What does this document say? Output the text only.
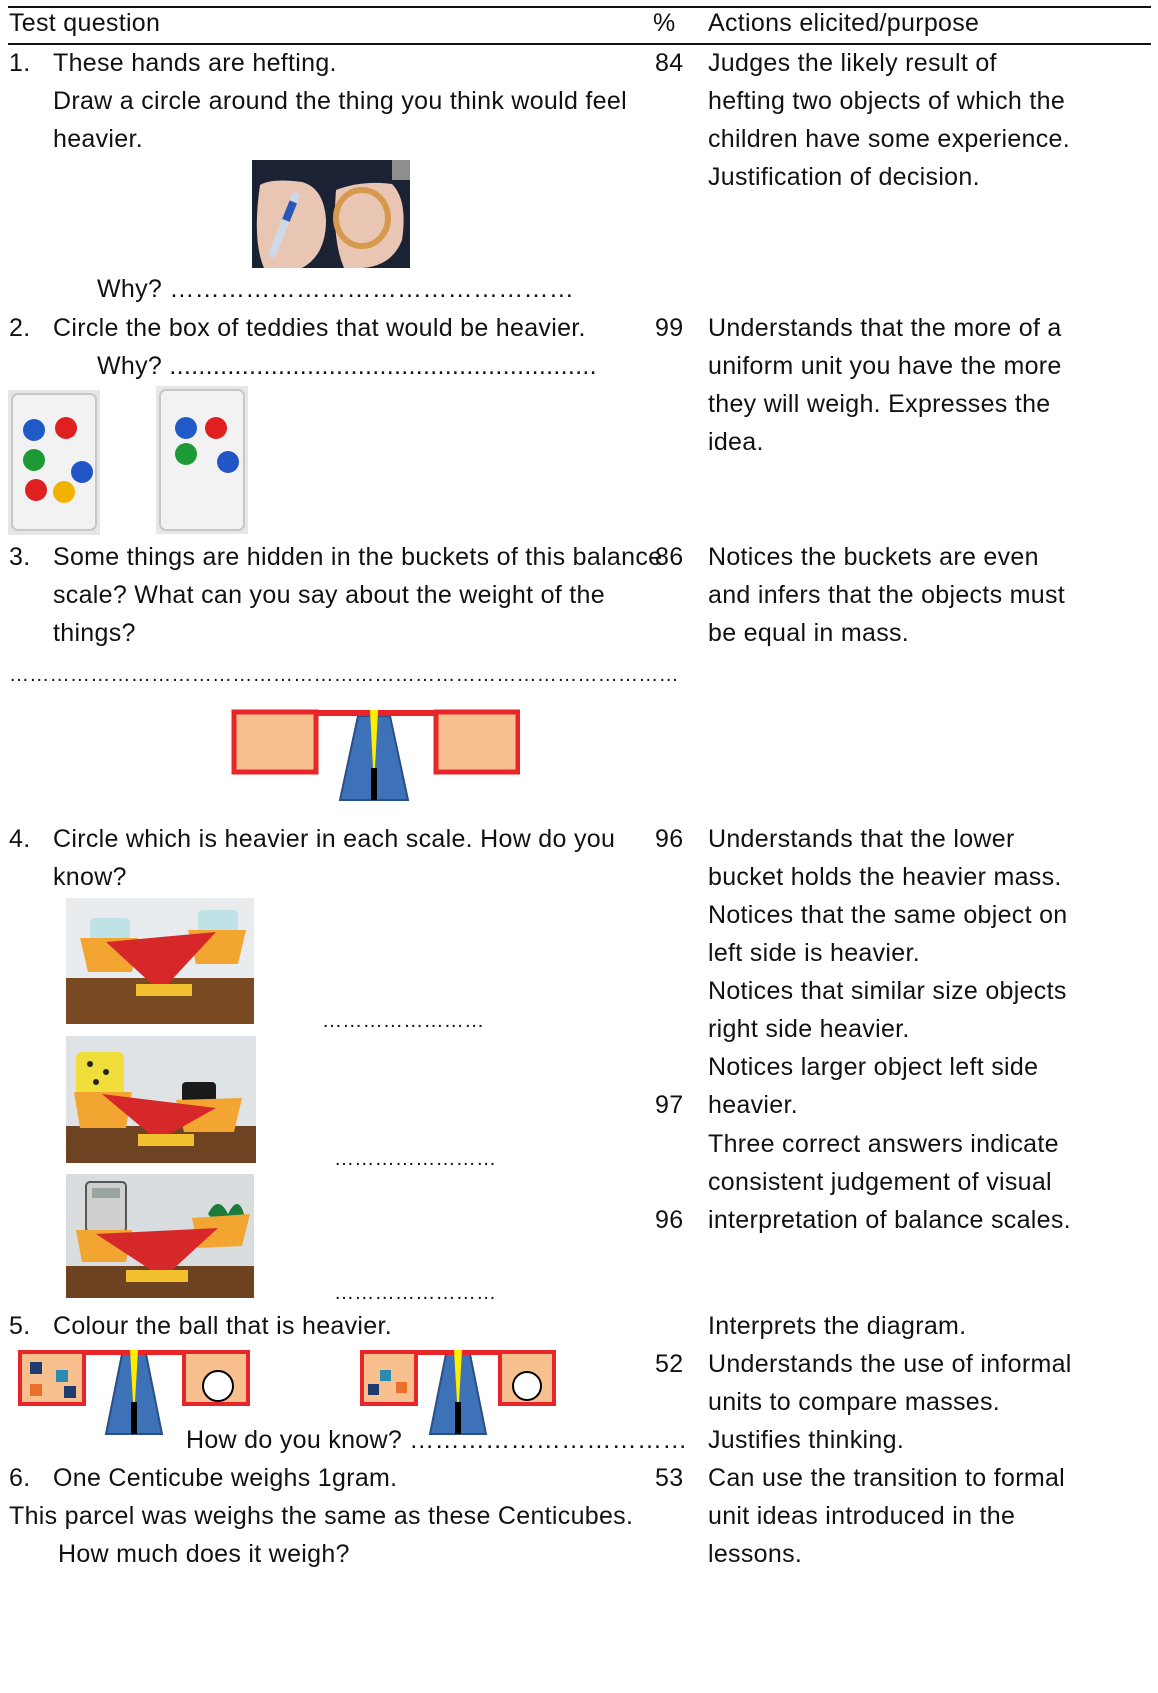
Test question	% Actions elicited/purpose
1. These hands are hefting.
Draw a circle around the thing you think would feel
heavier.
Why? …………………………………………
84 Judges the likely result of
hefting two objects of which the
children have some experience.
Justification of decision.
2. Circle the box of teddies that would be heavier.
Why? ...........................................................
99 Understands that the more of a
uniform unit you have the more
they will weigh. Expresses the
idea.
3. Some things are hidden in the buckets of this balance
scale? What can you say about the weight of the
things?
………………………………………………………………………………………
86 Notices the buckets are even
and infers that the objects must
be equal in mass.
4. Circle which is heavier in each scale. How do you
know?
……………………
……………………
……………………
96
97
96
Understands that the lower
bucket holds the heavier mass.
Notices that the same object on
left side is heavier.
Notices that similar size objects
right side heavier.
Notices larger object left side
heavier.
Three correct answers indicate
consistent judgement of visual
interpretation of balance scales.
5. Colour the ball that is heavier.
How do you know? ……………………………
52
Interprets the diagram.
Understands the use of informal
units to compare masses.
Justifies thinking.
6. One Centicube weighs 1gram.
This parcel was weighs the same as these Centicubes.
How much does it weigh?
53 Can use the transition to formal
unit ideas introduced in the
lessons.
